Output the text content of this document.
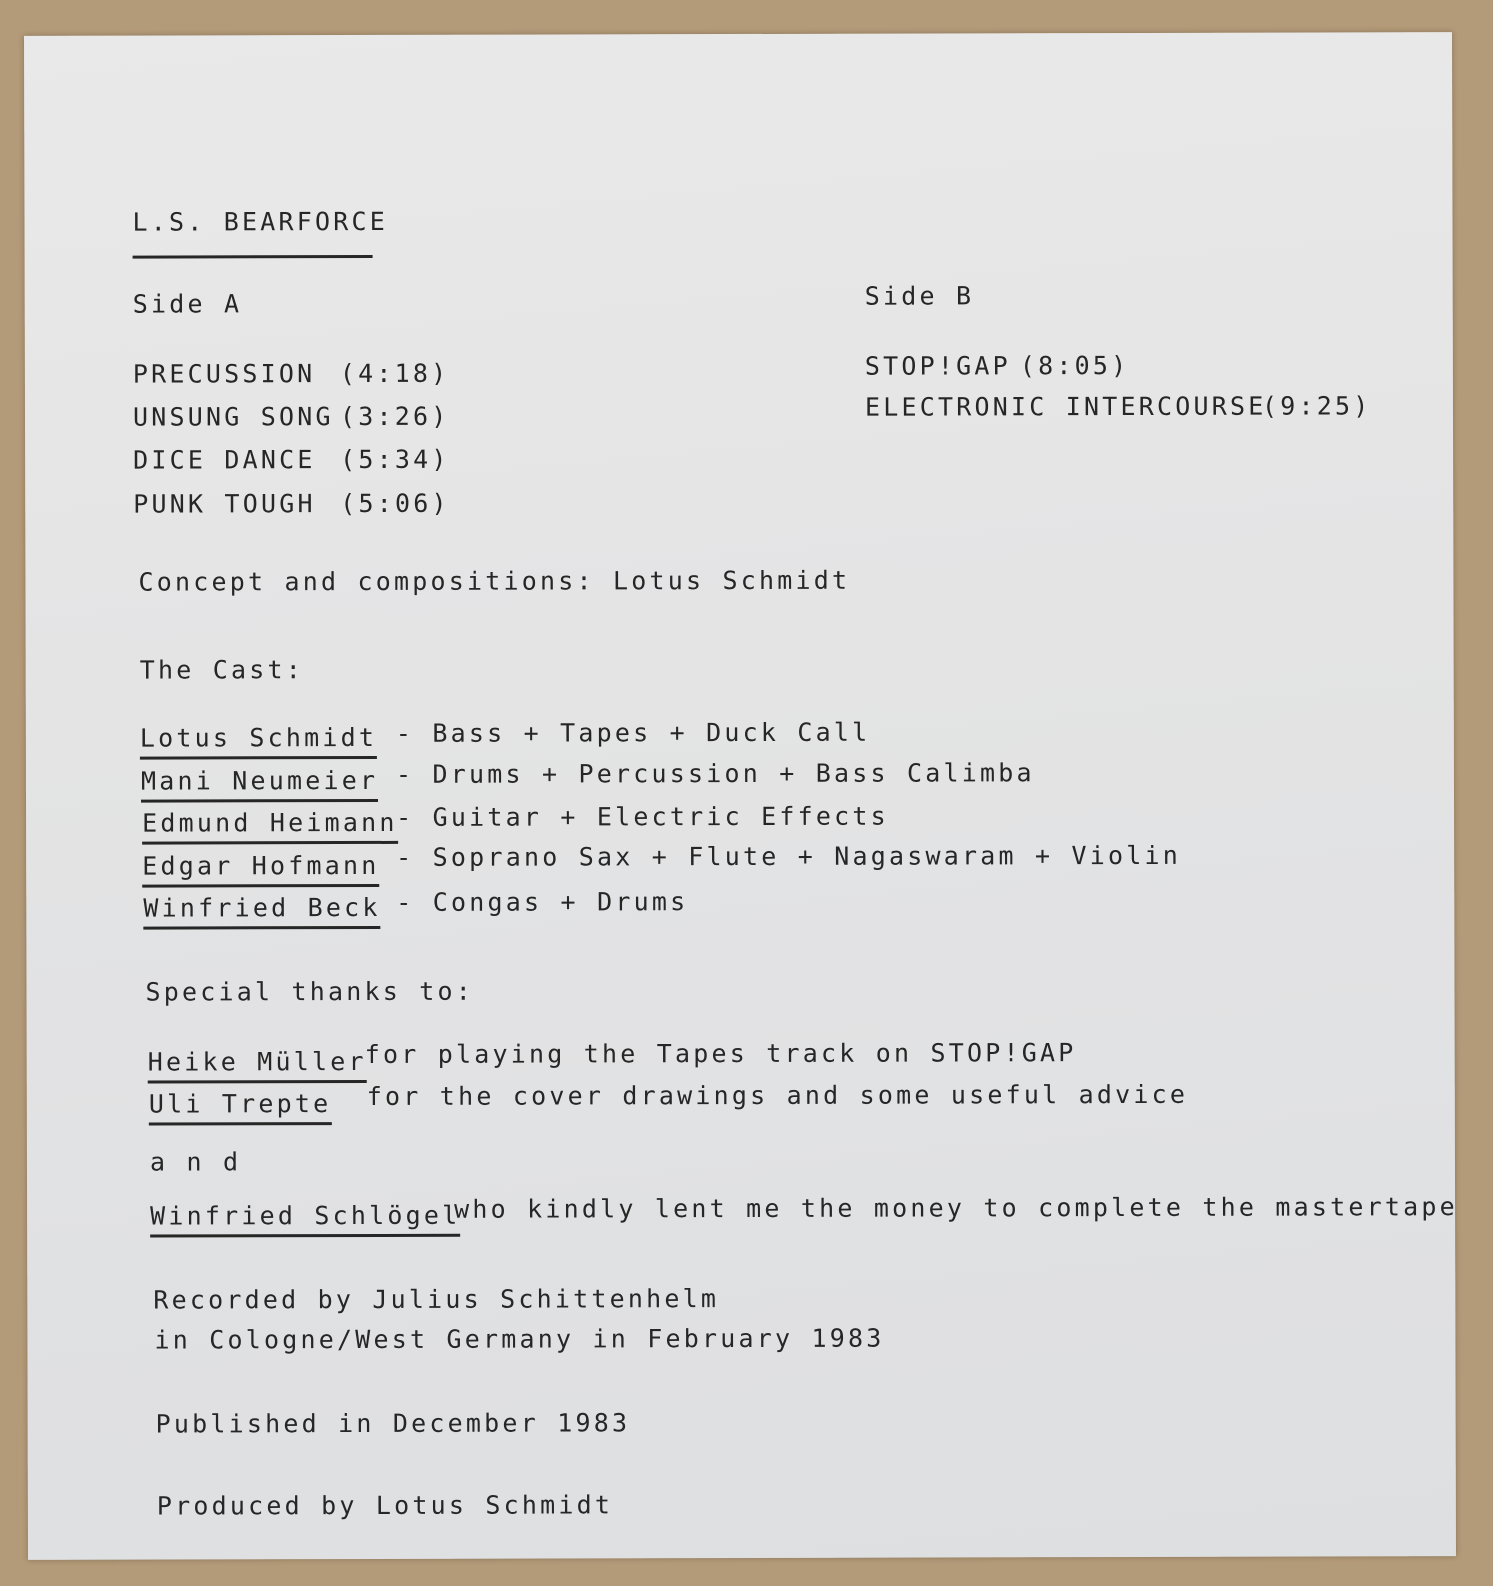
L.S. BEARFORCE
Side A	Side B
PRECUSSION (4:18)
UNSUNG SONG (3:26)
DICE DANCE (5:34)
PUNK TOUGH (5:06)
STOP!GAP (8:05)
ELECTRONIC INTERCOURSE
(9:25)
Concept and compositions: Lotus Schmidt
The Cast:
Lotus Schmidt - Bass + Tapes + Duck Call
Mani Neumeier - Drums + Percussion + Bass Calimba
Edmund Heimann
- Guitar + Electric Effects
Edgar Hofmann - Soprano Sax + Flute + Nagaswaram + Violin
Winfried Beck - Congas + Drums
Special thanks to:
Heike Müller
for playing the Tapes track on STOP!GAP
Uli Trepte for the cover drawings and some useful advice
a n d
Winfried Schlögel
who kindly lent me the money to complete the mastertape
Recorded by Julius Schittenhelm
in Cologne/West Germany in February 1983
Published in December 1983
Produced by Lotus Schmidt
